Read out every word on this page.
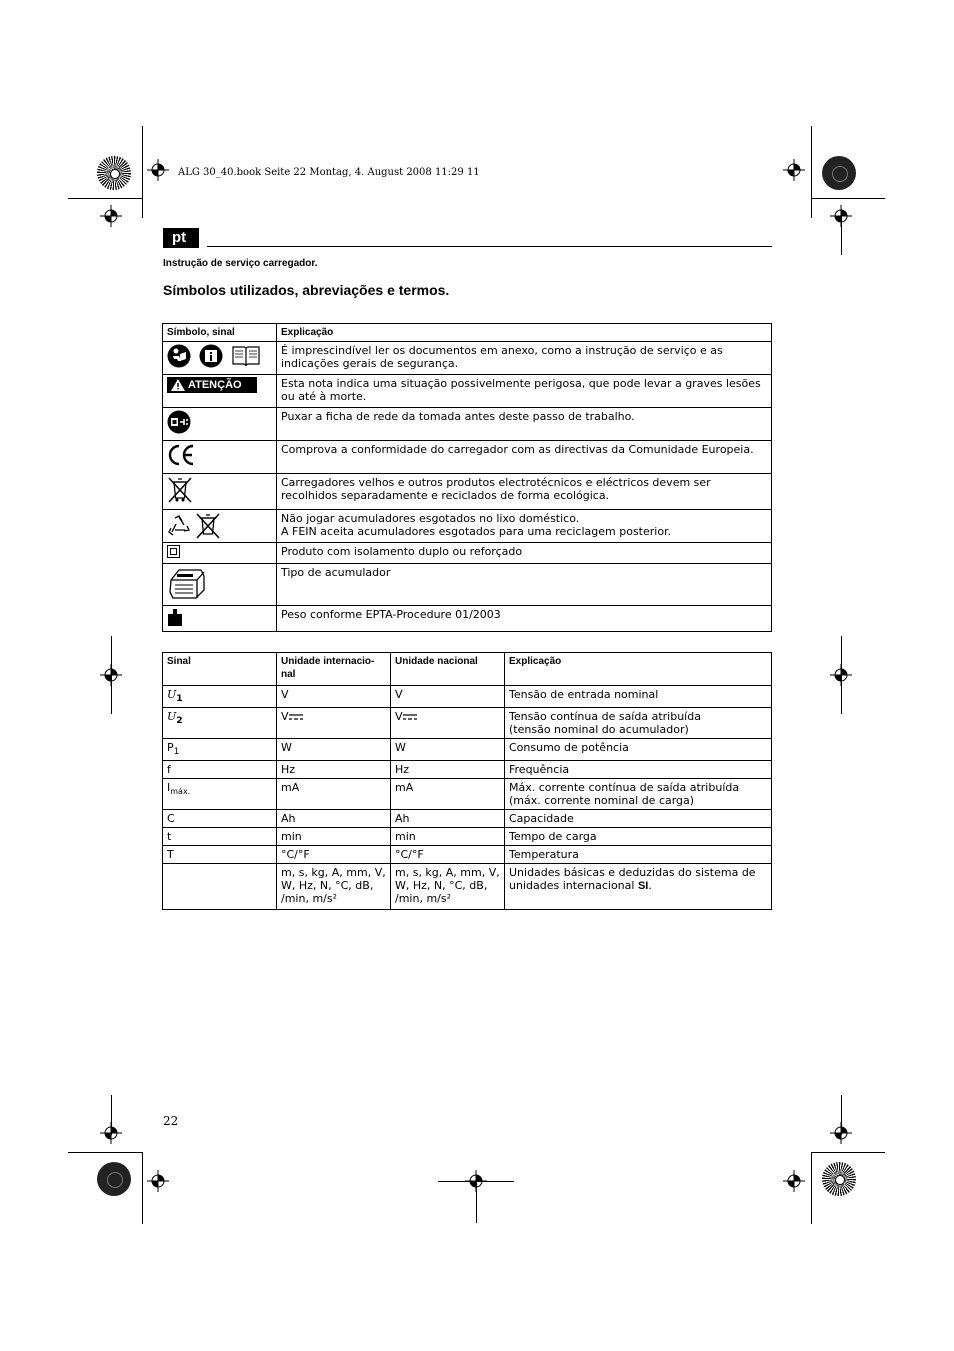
ALG 30_40.book Seite 22 Montag, 4. August 2008 11:29 11
pt
Instrução de serviço carregador.
Símbolos utilizados, abreviações e termos.
Símbolo, sinal	Explicação

	É imprescindível ler os documentos em anexo, como a instrução de serviço e as indicações gerais de segurança.

ATENÇÃO	Esta nota indica uma situação possivelmente perigosa, que pode levar a graves lesões ou até à morte.
	Puxar a ficha de rede da tomada antes deste passo de trabalho.
	Comprova a conformidade do carregador com as directivas da Comunidade Europeia.
	Carregadores velhos e outros produtos electrotécnicos e eléctricos devem ser recolhidos separadamente e reciclados de forma ecológica.

	Não jogar acumuladores esgotados no lixo doméstico.
A FEIN aceita acumuladores esgotados para uma reciclagem posterior.
	Produto com isolamento duplo ou reforçado
	Tipo de acumulador
	Peso conforme EPTA-Procedure 01/2003
Sinal	Unidade internacio-
nal	Unidade nacional	Explicação
$U_1$	V	V	Tensão de entrada nominal
$U_2$	V	V	Tensão contínua de saída atribuída
(tensão nominal do acumulador)
$P_1$	W	W	Consumo de potência
f	Hz	Hz	Frequência
$I_{máx.}$	mA	mA	Máx. corrente contínua de saída atribuída
(máx. corrente nominal de carga)
C	Ah	Ah	Capacidade
t	min	min	Tempo de carga
T	°C/°F	°C/°F	Temperatura
	m, s, kg, A, mm, V, W, Hz, N, °C, dB, /min, m/s²	m, s, kg, A, mm, V, W, Hz, N, °C, dB, /min, m/s²	Unidades básicas e deduzidas do sistema de unidades internacional SI.
22
